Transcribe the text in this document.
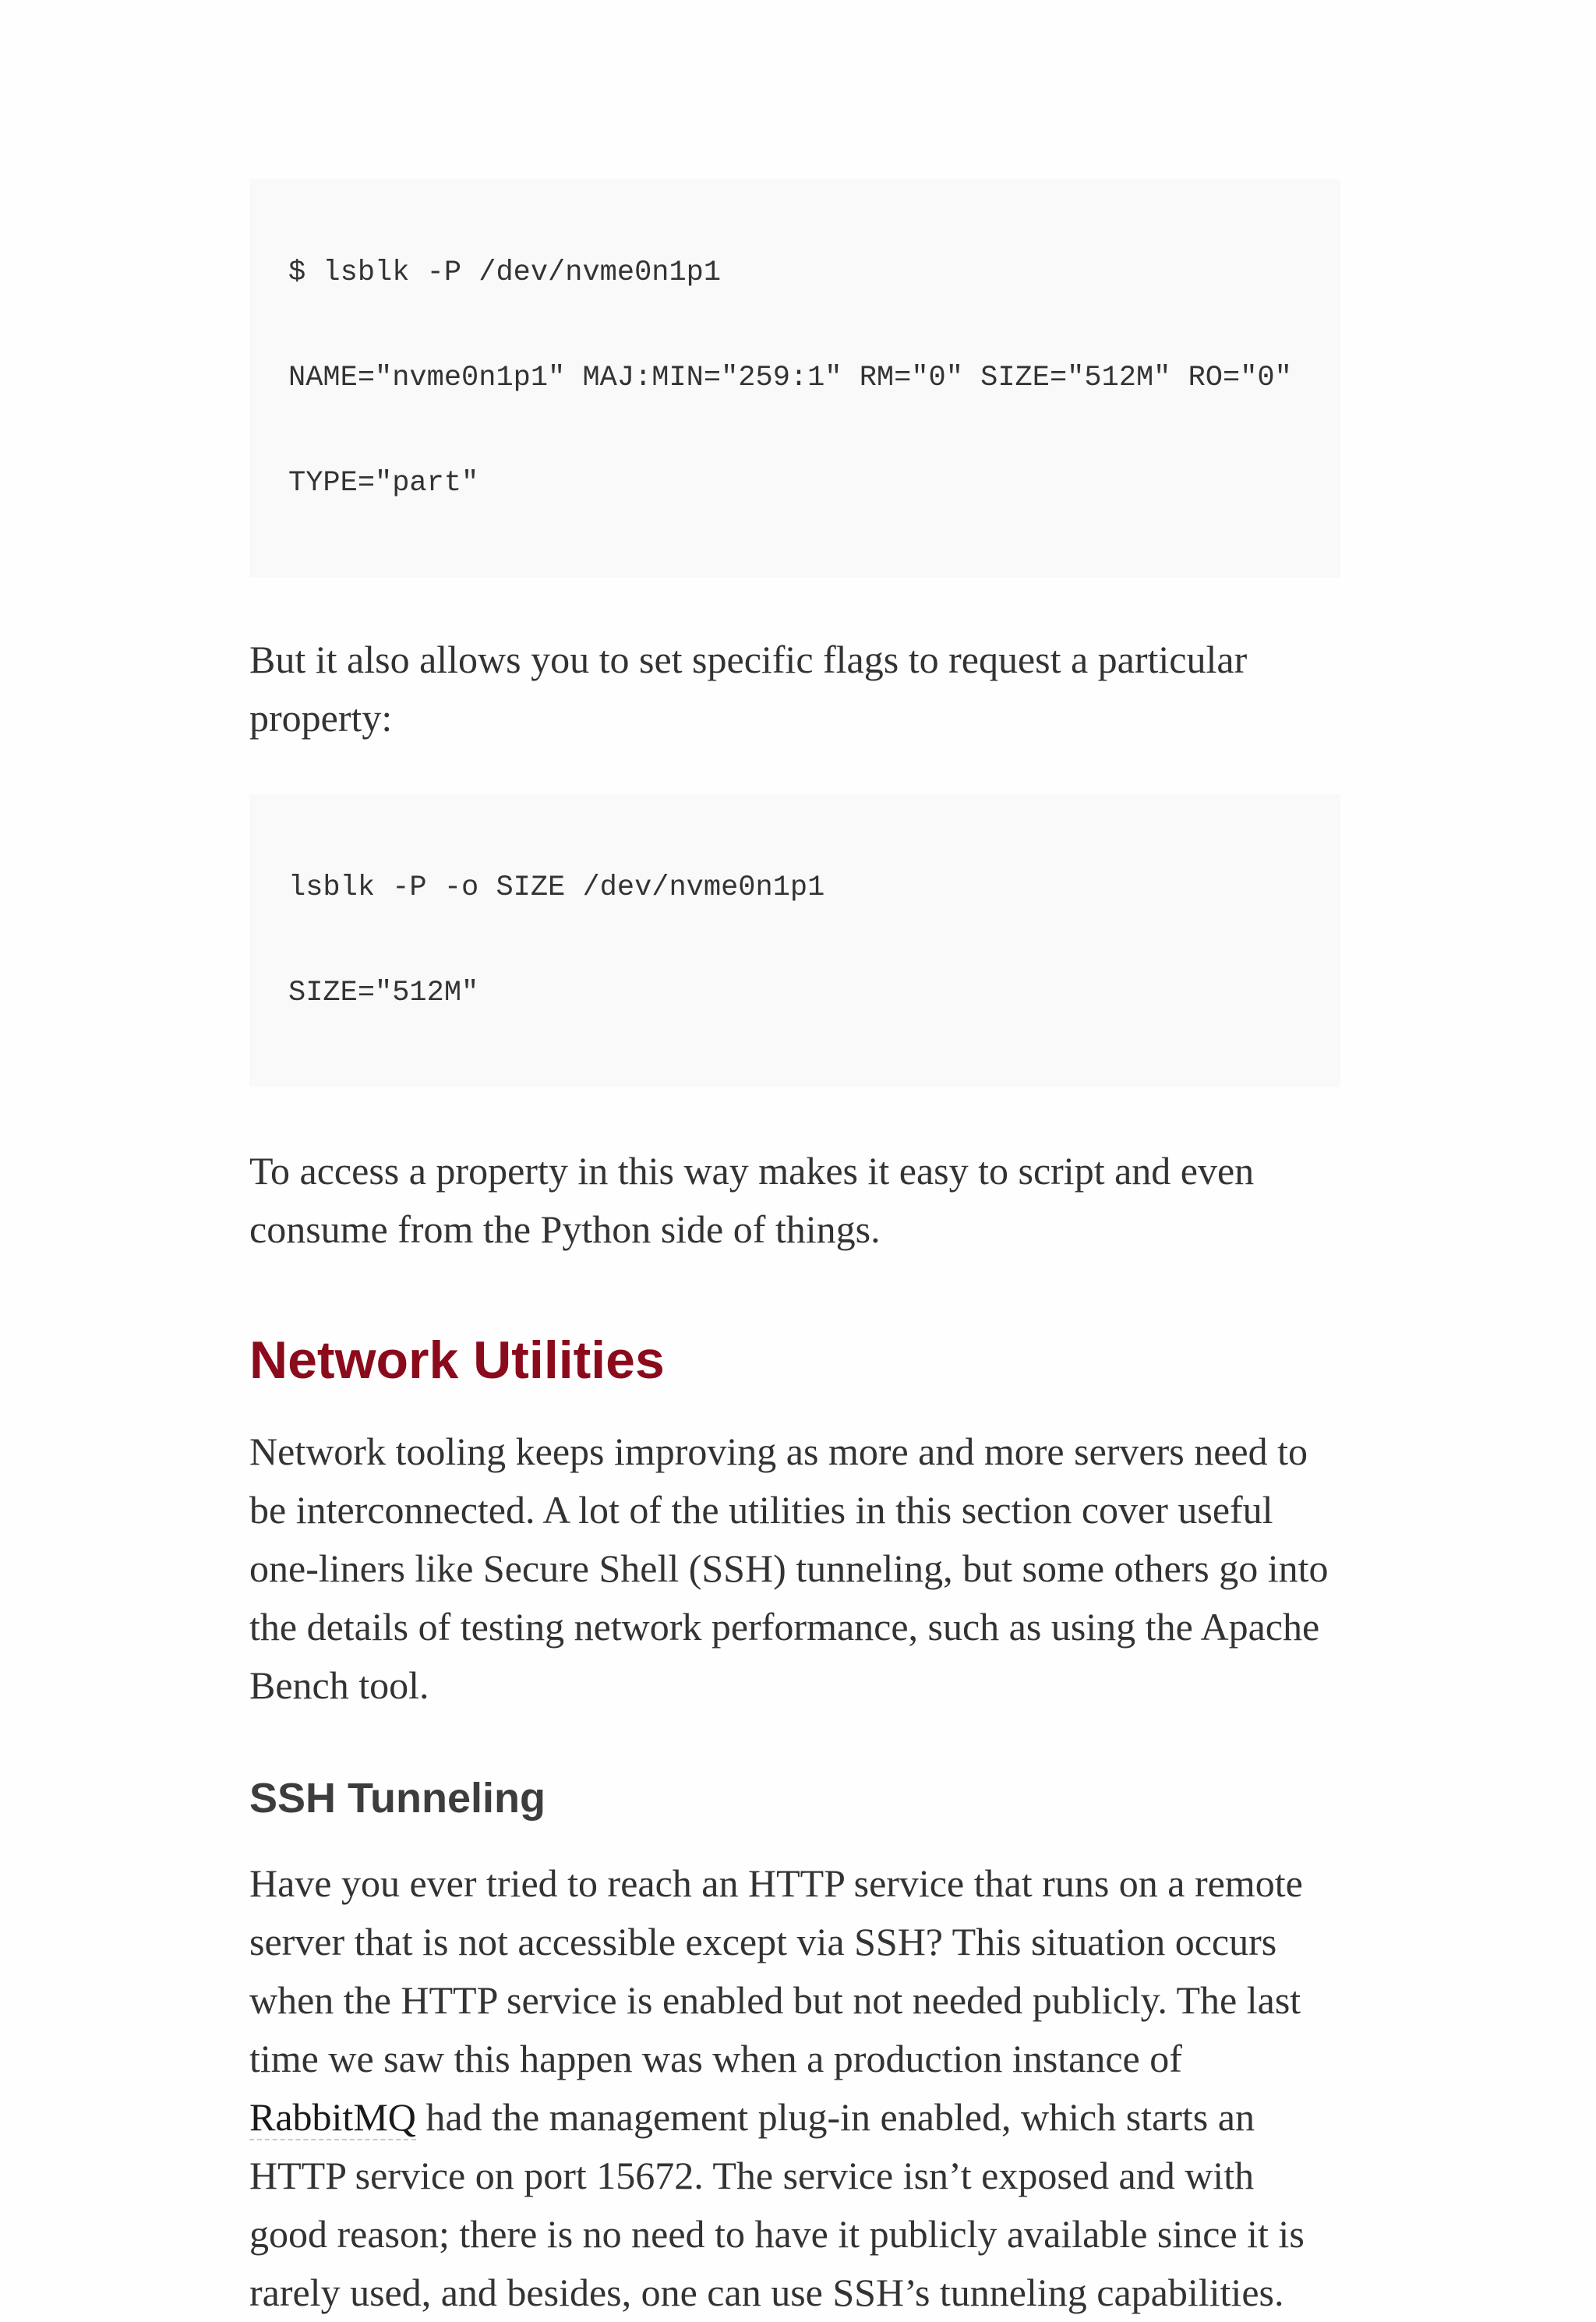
$ lsblk -P /dev/nvme0n1p1

NAME="nvme0n1p1" MAJ:MIN="259:1" RM="0" SIZE="512M" RO="0"

TYPE="part"

But it also allows you to set specific flags to request a particular property:

lsblk -P -o SIZE /dev/nvme0n1p1

SIZE="512M"

To access a property in this way makes it easy to script and even consume from the Python side of things.

Network Utilities

Network tooling keeps improving as more and more servers need to be interconnected. A lot of the utilities in this section cover useful one-liners like Secure Shell (SSH) tunneling, but some others go into the details of testing network performance, such as using the Apache Bench tool.

SSH Tunneling

Have you ever tried to reach an HTTP service that runs on a remote server that is not accessible except via SSH? This situation occurs when the HTTP service is enabled but not needed publicly. The last time we saw this happen was when a production instance of RabbitMQ had the management plug-in enabled, which starts an HTTP service on port 15672. The service isn’t exposed and with good reason; there is no need to have it publicly available since it is rarely used, and besides, one can use SSH’s tunneling capabilities.
